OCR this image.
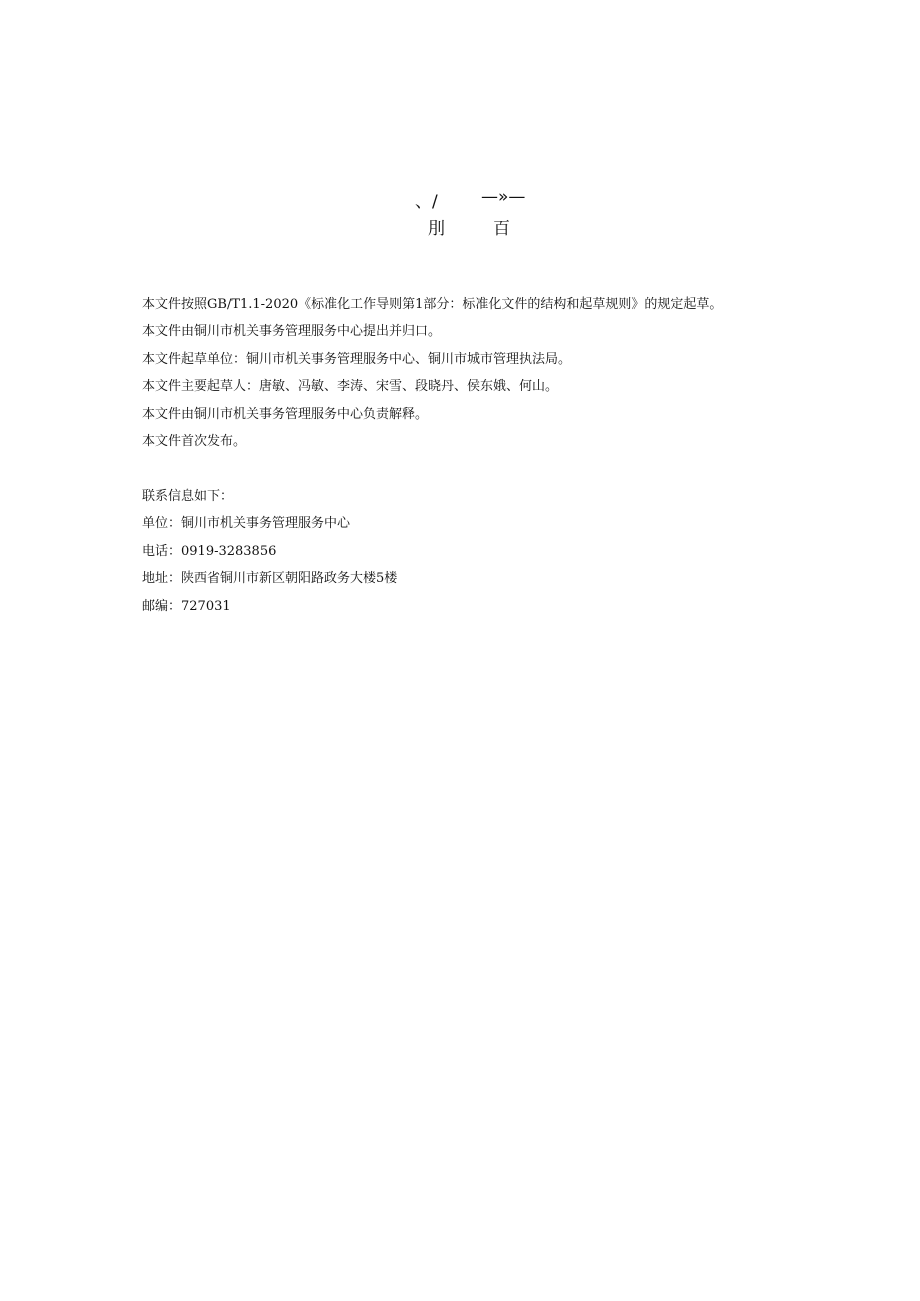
、/	—»—
刖	百

本文件按照GB/T1.1-2020《标准化工作导则第1部分：标准化文件的结构和起草规则》的规定起草。

本文件由铜川市机关事务管理服务中心提出并归口。

本文件起草单位：铜川市机关事务管理服务中心、铜川市城市管理执法局。

本文件主要起草人：唐敏、冯敏、李涛、宋雪、段晓丹、侯东娥、何山。

本文件由铜川市机关事务管理服务中心负责解释。

本文件首次发布。

联系信息如下：

单位：铜川市机关事务管理服务中心

电话：0919-3283856

地址：陕西省铜川市新区朝阳路政务大楼5楼

邮编：727031
